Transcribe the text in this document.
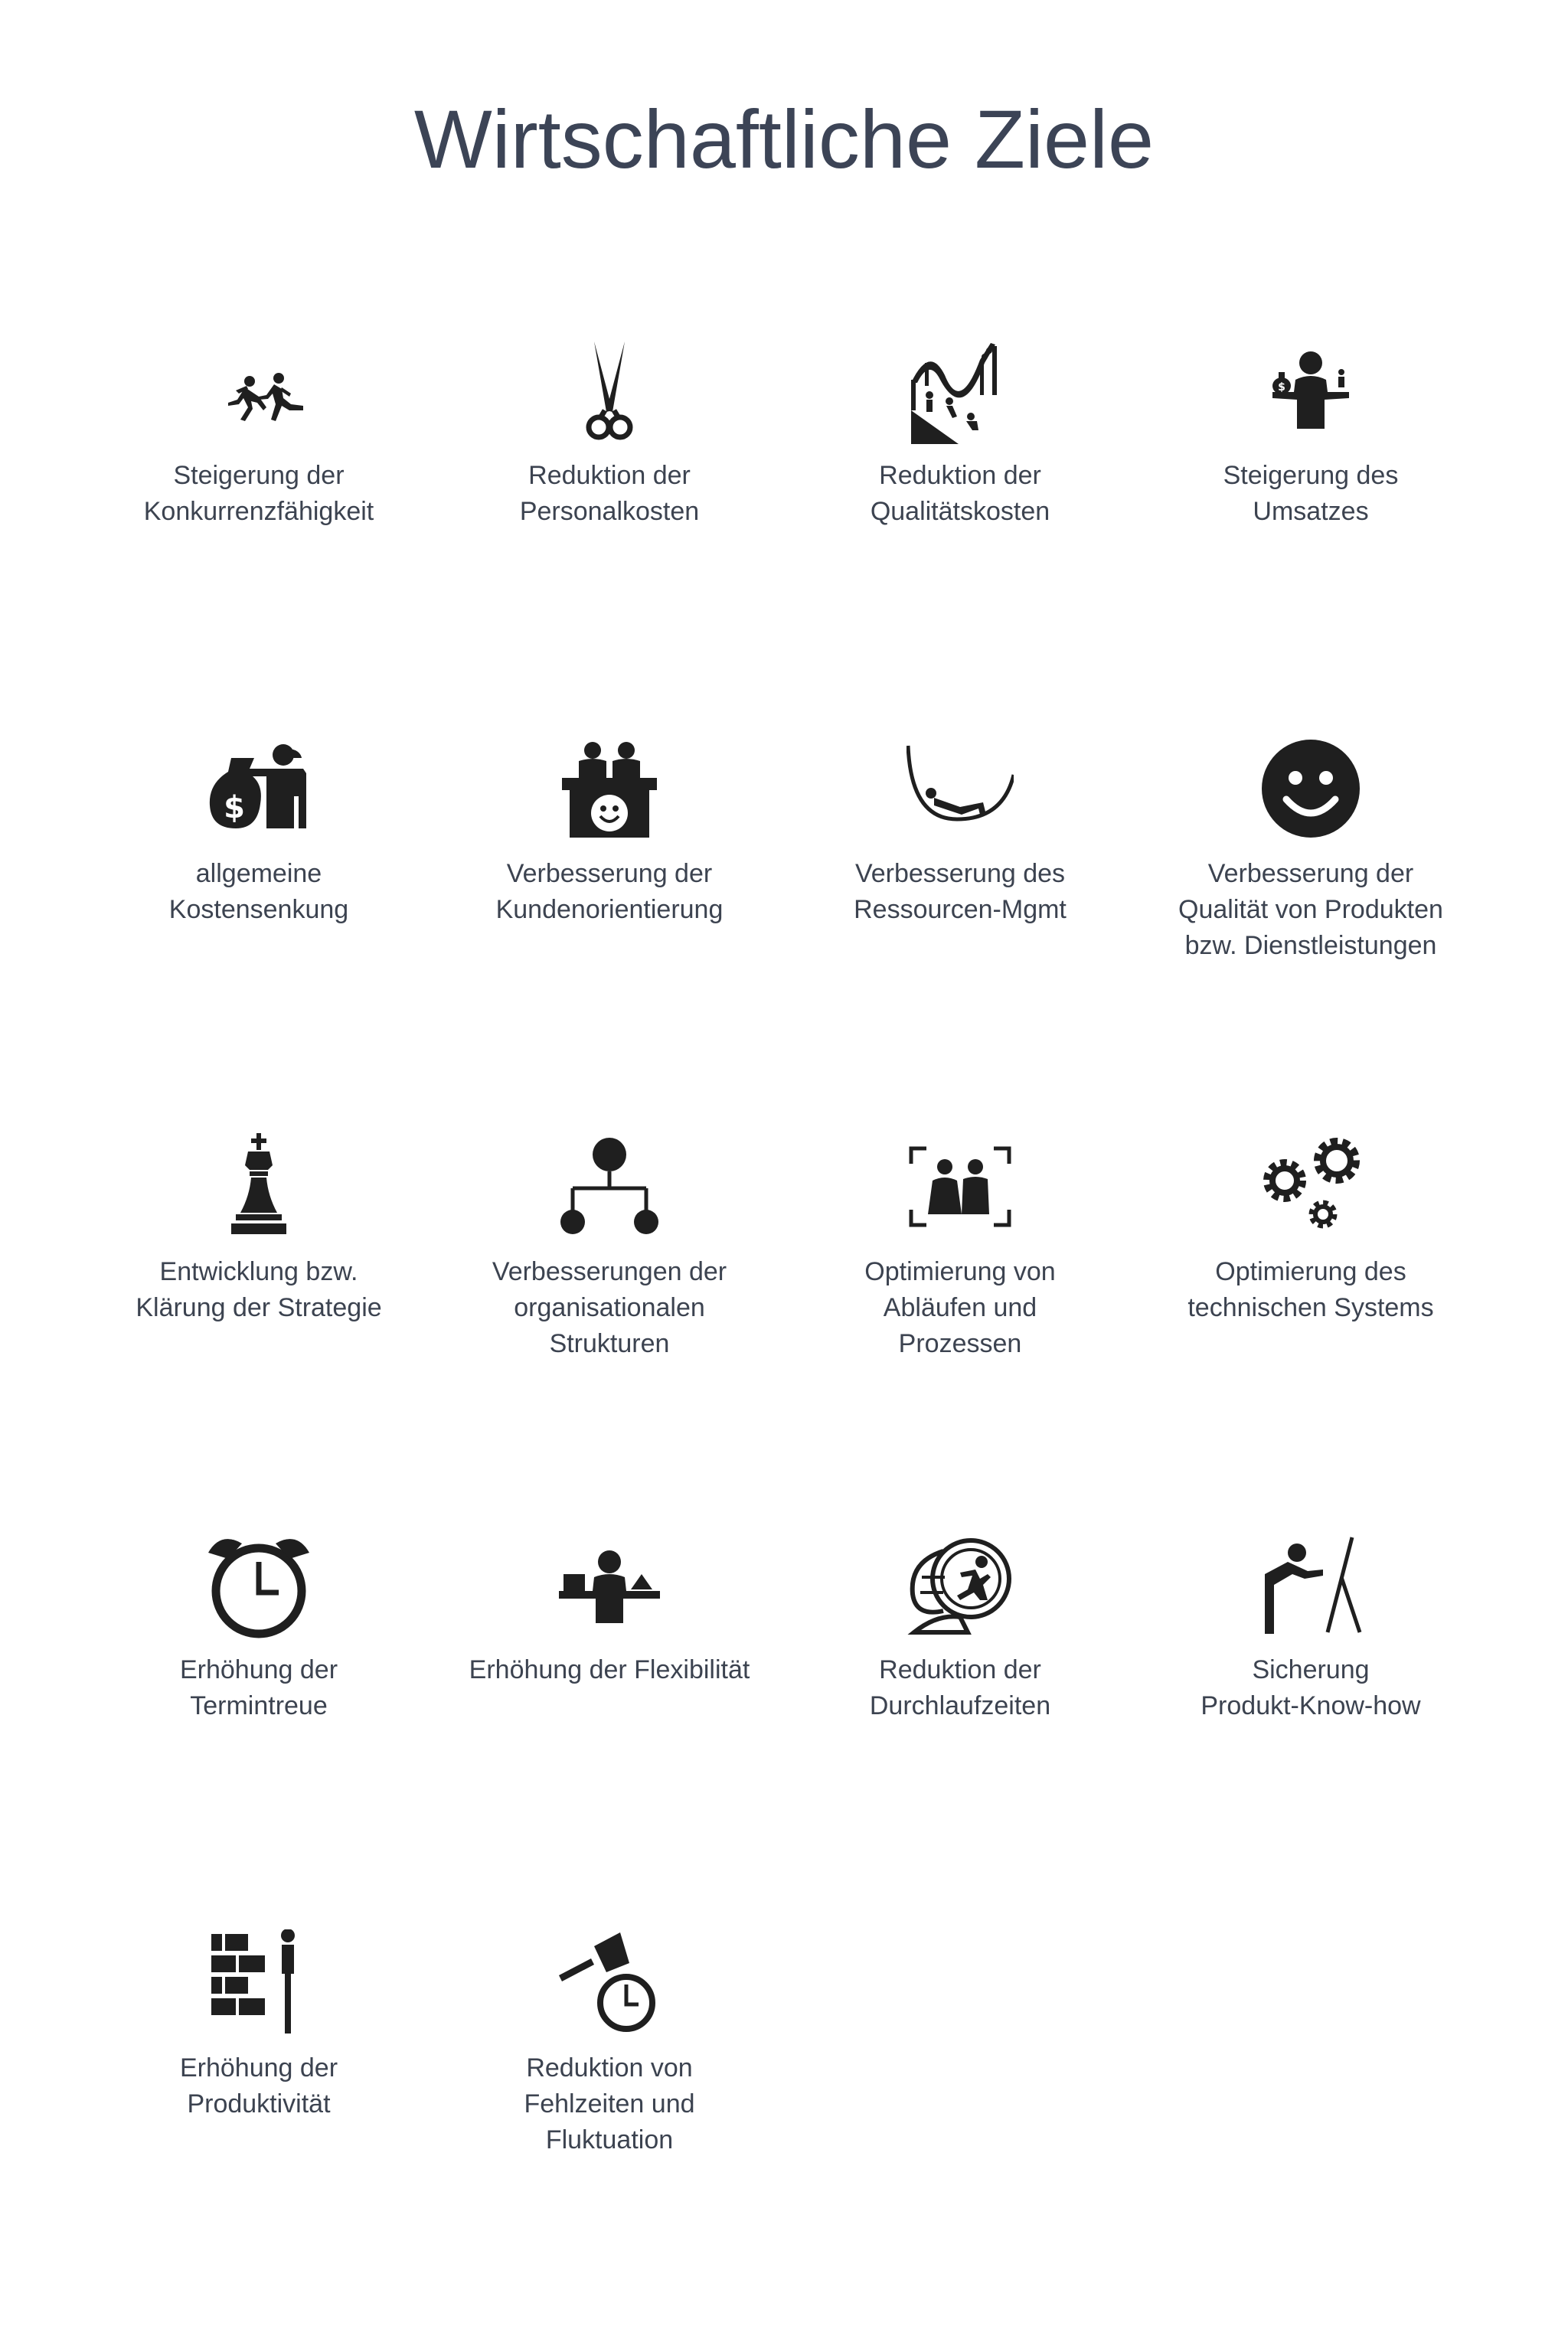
Wirtschaftliche Ziele
Steigerung der
Konkurrenzfähigkeit
Reduktion der
Personalkosten
Reduktion der
Qualitätskosten
$
Steigerung des
Umsatzes
$
allgemeine
Kostensenkung
Verbesserung der
Kundenorientierung
Verbesserung des
Ressourcen-Mgmt
Verbesserung der
Qualität von Produkten
bzw. Dienstleistungen
Entwicklung bzw.
Klärung der Strategie
Verbesserungen der
organisationalen
Strukturen
Optimierung von
Abläufen und
Prozessen
Optimierung des
technischen Systems
Erhöhung der
Termintreue
Erhöhung der Flexibilität	Reduktion der
Durchlaufzeiten
Sicherung
Produkt-Know-how
Erhöhung der
Produktivität
Reduktion von
Fehlzeiten und
Fluktuation
